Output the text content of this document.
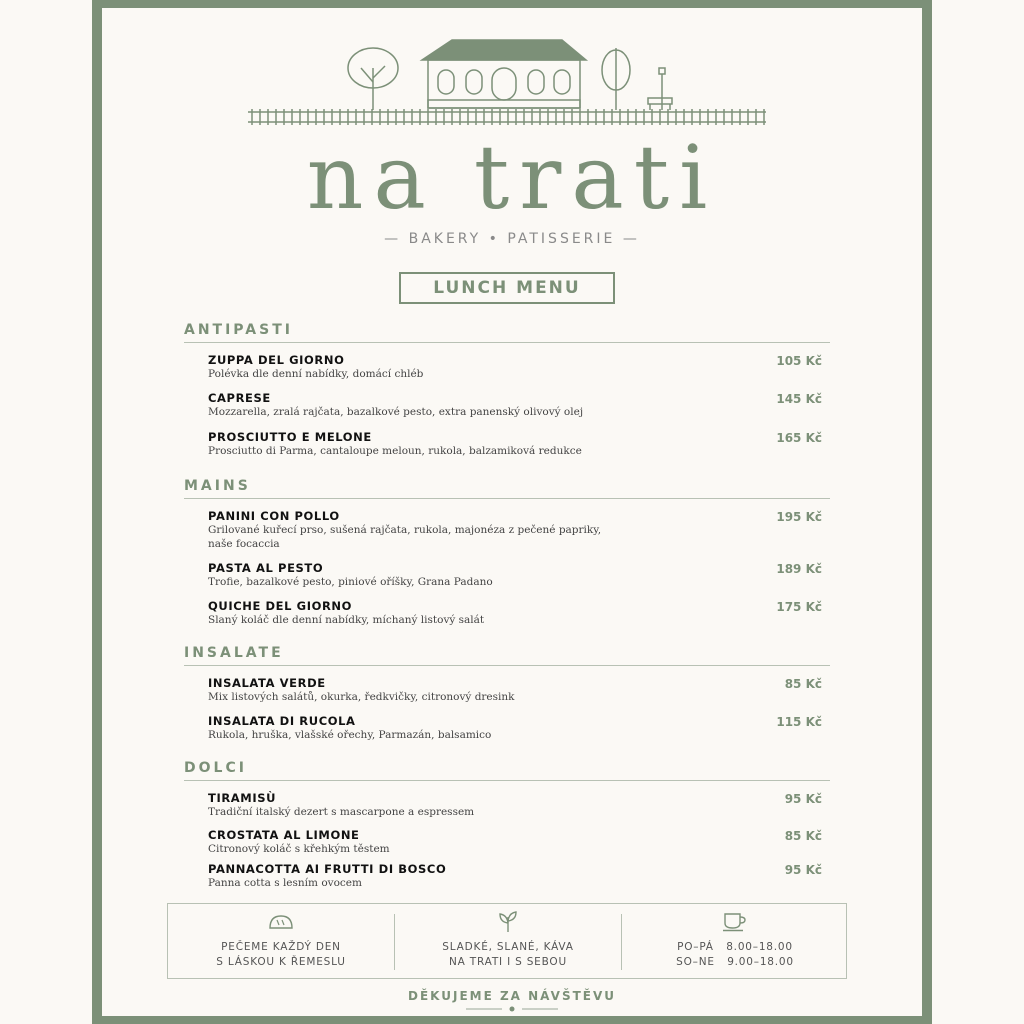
na trati
— BAKERY • PATISSERIE —
LUNCH MENU
ANTIPASTI
ZUPPA DEL GIORNO
Polévka dle denní nabídky, domácí chléb
105 Kč
CAPRESE
Mozzarella, zralá rajčata, bazalkové pesto, extra panenský olivový olej
145 Kč
PROSCIUTTO E MELONE
Prosciutto di Parma, cantaloupe meloun, rukola, balzamiková redukce
165 Kč
MAINS
PANINI CON POLLO
Grilované kuřecí prso, sušená rajčata, rukola, majonéza z pečené papriky, naše focaccia
195 Kč
PASTA AL PESTO
Trofie, bazalkové pesto, piniové oříšky, Grana Padano
189 Kč
QUICHE DEL GIORNO
Slaný koláč dle denní nabídky, míchaný listový salát
175 Kč
INSALATE
INSALATA VERDE
Mix listových salátů, okurka, ředkvičky, citronový dresink
85 Kč
INSALATA DI RUCOLA
Rukola, hruška, vlašské ořechy, Parmazán, balsamico
115 Kč
DOLCI
TIRAMISÙ
Tradiční italský dezert s mascarpone a espressem
95 Kč
CROSTATA AL LIMONE
Citronový koláč s křehkým těstem
85 Kč
PANNACOTTA AI FRUTTI DI BOSCO
Panna cotta s lesním ovocem
95 Kč
PEČEME KAŽDÝ DEN
S LÁSKOU K ŘEMESLU
SLADKÉ, SLANÉ, KÁVA
NA TRATI I S SEBOU
PO–PÁ   8.00–18.00
SO–NE   9.00–18.00
DĚKUJEME ZA NÁVŠTĚVU
